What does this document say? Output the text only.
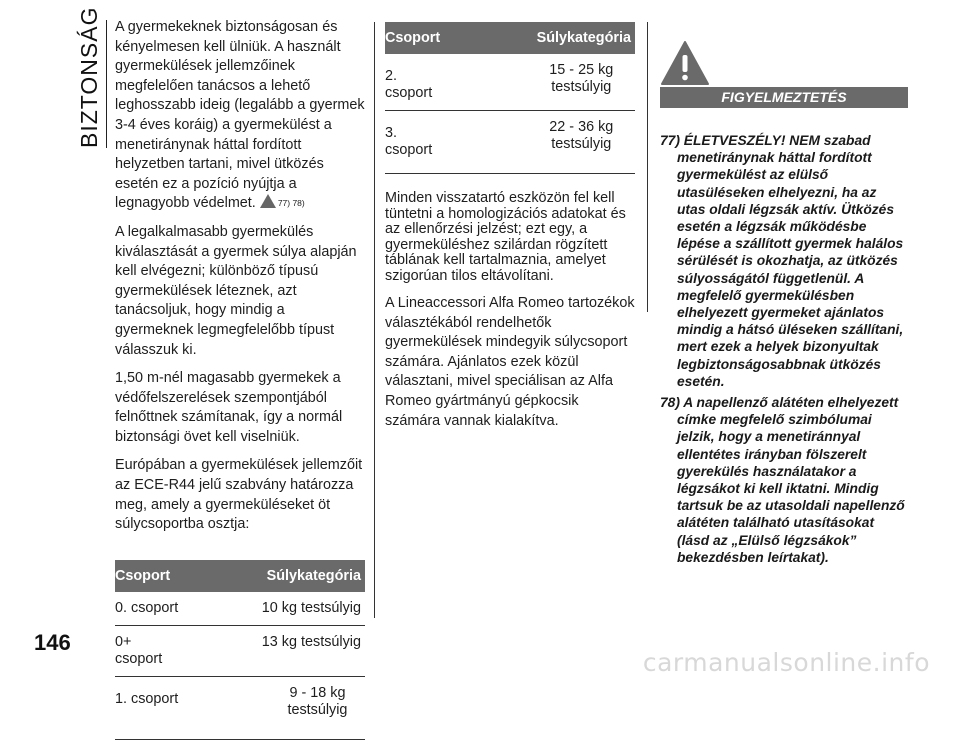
BIZTONSÁG A gyermekeknek biztonságosan és kényelmesen kell ülniük. A használt gyermekülések jellemzőinek megfelelően tanácsos a lehető leghosszabb ideig (legalább a gyermek 3-4 éves koráig) a gyermekülést a menetiránynak háttal fordított helyzetben tartani, mivel ütközés esetén ez a pozíció nyújtja a legnagyobb védelmet.	77) 78)

A legalkalmasabb gyermekülés kiválasztását a gyermek súlya alapján kell elvégezni; különböző típusú gyermekülések léteznek, azt tanácsoljuk, hogy mindig a gyermeknek legmegfelelőbb típust válasszuk ki.

1,50 m-nél magasabb gyermekek a védőfelszerelések szempontjából felnőttnek számítanak, így a normál biztonsági övet kell viselniük.

Európában a gyermekülések jellemzőit az ECE-R44 jelű szabvány határozza meg, amely a gyermeküléseket öt súlycsoportba osztja:

Csoport	Súlykategória
0. csoport	10 kg testsúlyig
0+ csoport	13 kg testsúlyig
1. csoport	9 - 18 kg testsúlyig
Csoport	Súlykategória
2. csoport	15 - 25 kg testsúlyig
3. csoport	22 - 36 kg testsúlyig

Minden visszatartó eszközön fel kell tüntetni a homologizációs adatokat és az ellenőrzési jelzést; ezt egy, a gyermeküléshez szilárdan rögzített táblának kell tartalmaznia, amelyet szigorúan tilos eltávolítani.

A Lineaccessori Alfa Romeo tartozékok választékából rendelhetők gyermekülések mindegyik súlycsoport számára. Ajánlatos ezek közül választani, mivel speciálisan az Alfa Romeo gyártmányú gépkocsik számára vannak kialakítva.

FIGYELMEZTETÉS
77) ÉLETVESZÉLY! NEM szabad menetiránynak háttal fordított gyermekülést az elülső utasüléseken elhelyezni, ha az utas oldali légzsák aktív. Ütközés esetén a légzsák működésbe lépése a szállított gyermek halálos sérülését is okozhatja, az ütközés súlyosságától függetlenül. A megfelelő gyermekülésben elhelyezett gyermeket ajánlatos mindig a hátsó üléseken szállítani, mert ezek a helyek bizonyultak legbiztonságosabbnak ütközés esetén.
78) A napellenző alátéten elhelyezett címke megfelelő szimbólumai jelzik, hogy a menetiránnyal ellentétes irányban fölszerelt gyerekülés használatakor a légzsákot ki kell iktatni. Mindig tartsuk be az utasoldali napellenző alátéten található utasításokat (lásd az „Elülső légzsákok” bekezdésben leírtakat).
146
carmanualsonline.info
